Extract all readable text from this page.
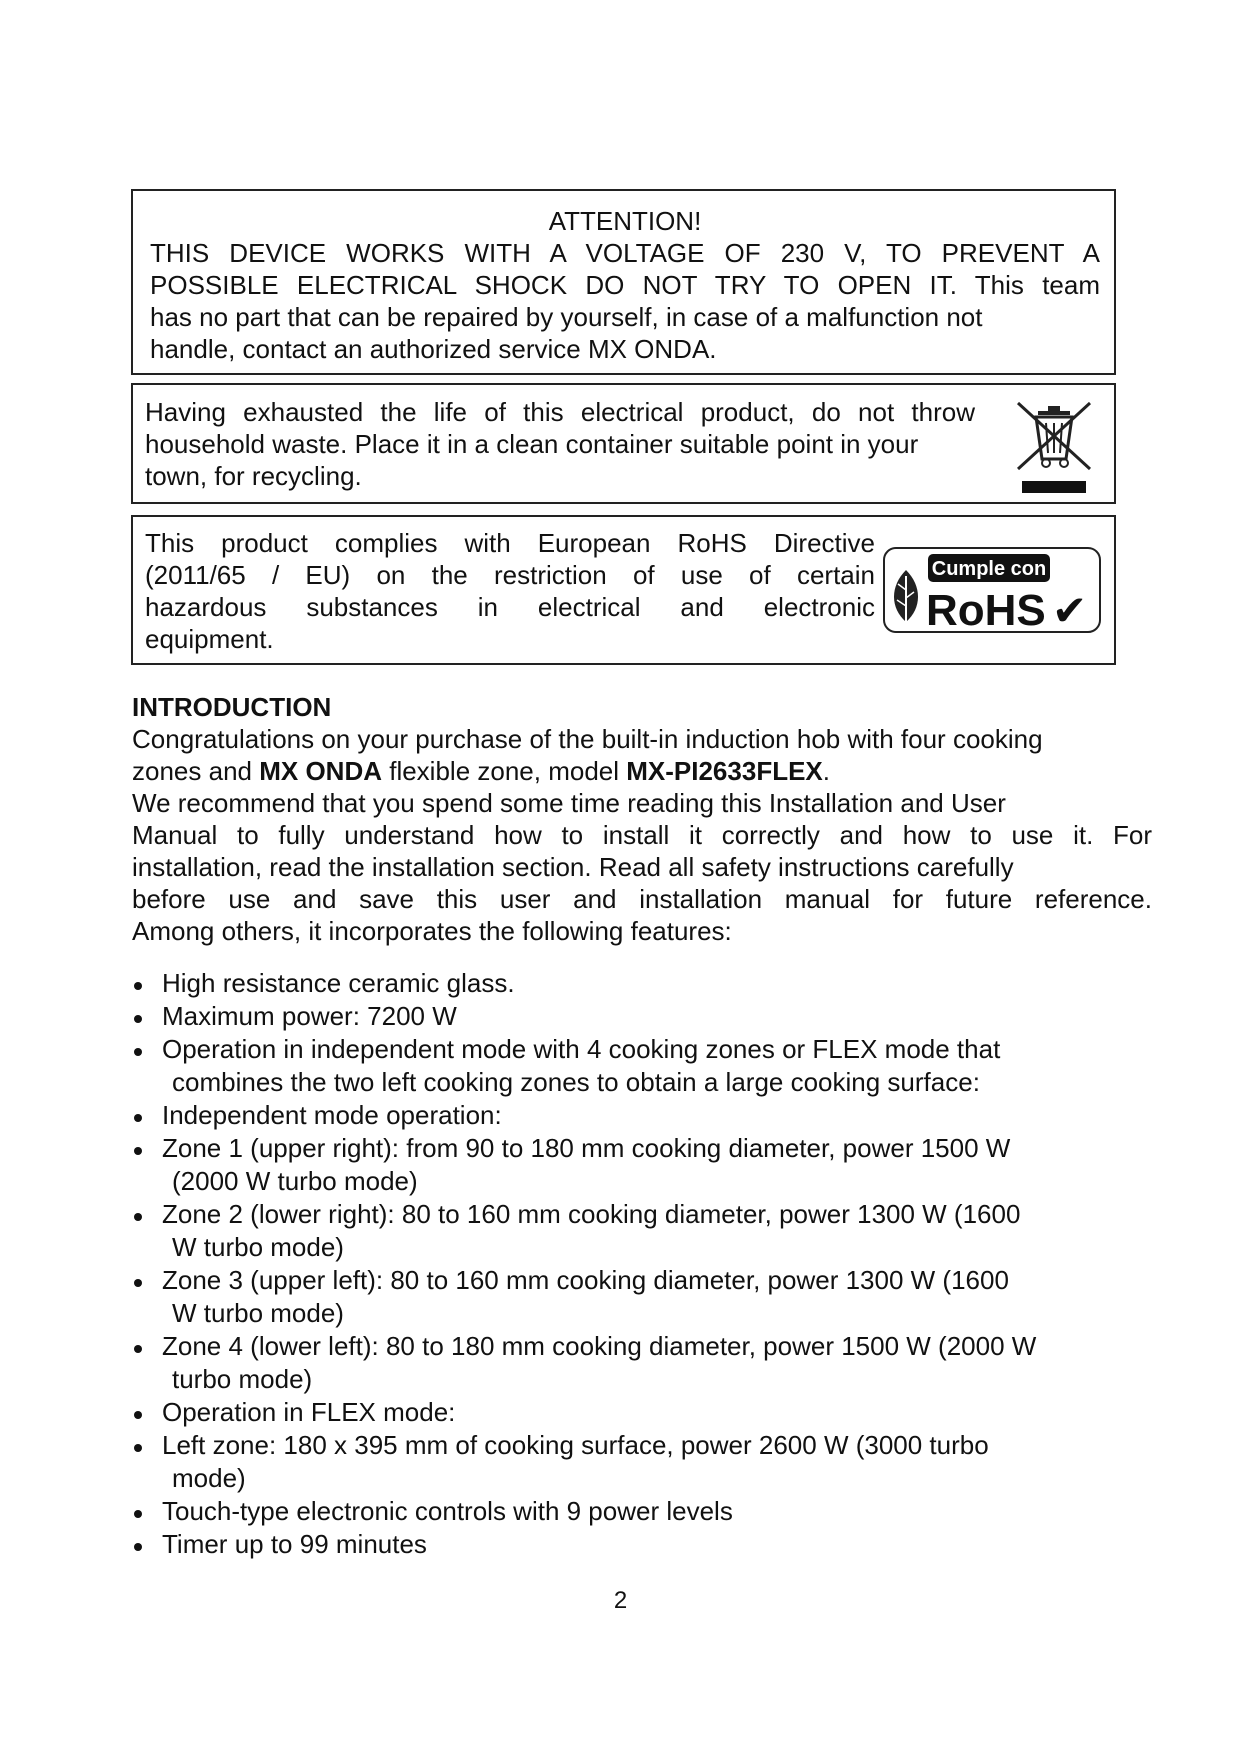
ATTENTION!
THIS DEVICE WORKS WITH A VOLTAGE OF 230 V, TO PREVENT A
POSSIBLE ELECTRICAL SHOCK DO NOT TRY TO OPEN IT. This team
has no part that can be repaired by yourself, in case of a malfunction not
handle, contact an authorized service MX ONDA.
Having exhausted the life of this electrical product, do not throw
household waste. Place it in a clean container suitable point in your
town, for recycling.
This product complies with European RoHS Directive
(2011/65 / EU) on the restriction of use of certain
hazardous substances in electrical and electronic
equipment.
Cumple con
RoHS ✔
INTRODUCTION

Congratulations on your purchase of the built-in induction hob with four cooking
zones and MX ONDA flexible zone, model MX-PI2633FLEX.

We recommend that you spend some time reading this Installation and User

Manual to fully understand how to install it correctly and how to use it. For
installation, read the installation section. Read all safety instructions carefully

before use and save this user and installation manual for future reference.
Among others, it incorporates the following features:

High resistance ceramic glass.
Maximum power: 7200 W
Operation in independent mode with 4 cooking zones or FLEX mode that
combines the two left cooking zones to obtain a large cooking surface:
Independent mode operation:
Zone 1 (upper right): from 90 to 180 mm cooking diameter, power 1500 W
(2000 W turbo mode)
Zone 2 (lower right): 80 to 160 mm cooking diameter, power 1300 W (1600
W turbo mode)
Zone 3 (upper left): 80 to 160 mm cooking diameter, power 1300 W (1600
W turbo mode)
Zone 4 (lower left): 80 to 180 mm cooking diameter, power 1500 W (2000 W
turbo mode)
Operation in FLEX mode:
Left zone: 180 x 395 mm of cooking surface, power 2600 W (3000 turbo
mode)
Touch-type electronic controls with 9 power levels
Timer up to 99 minutes
2
